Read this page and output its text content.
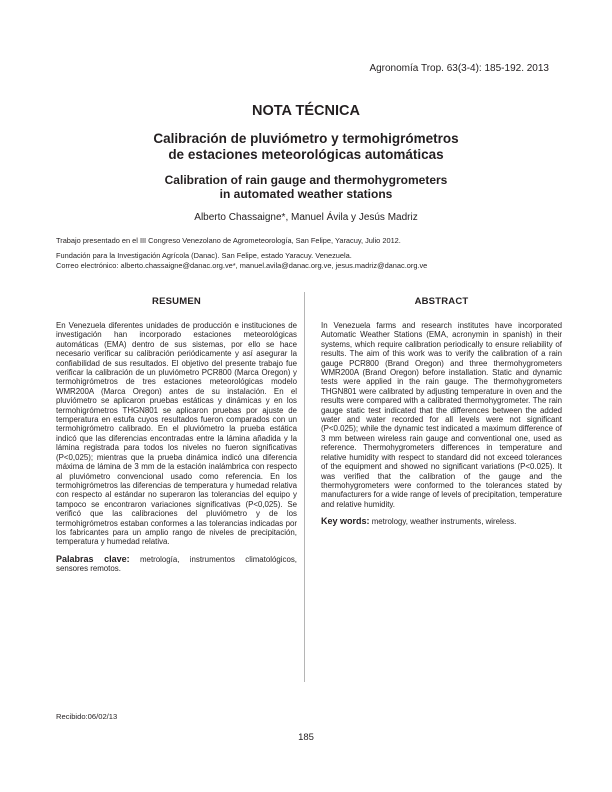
Agronomía Trop. 63(3-4): 185-192. 2013
NOTA TÉCNICA
Calibración de pluviómetro y termohigrómetros
de estaciones meteorológicas automáticas
Calibration of rain gauge and thermohygrometers
in automated weather stations
Alberto Chassaigne*, Manuel Ávila y Jesús Madriz
Trabajo presentado en el III Congreso Venezolano de Agrometeorología, San Felipe, Yaracuy, Julio 2012.
Fundación para la Investigación Agrícola (Danac). San Felipe, estado Yaracuy. Venezuela.
Correo electrónico: alberto.chassaigne@danac.org.ve*, manuel.avila@danac.org.ve, jesus.madriz@danac.org.ve
RESUMEN

En Venezuela diferentes unidades de producción e instituciones de investigación han incorporado estaciones meteorológicas automáticas (EMA) dentro de sus sistemas, por ello se hace necesario verificar su calibración periódicamente y así asegurar la confiabilidad de sus resultados. El objetivo del presente trabajo fue verificar la calibración de un pluviómetro PCR800 (Marca Oregon) y termohigrómetros de tres estaciones meteorológicas modelo WMR200A (Marca Oregon) antes de su instalación. En el pluviómetro se aplicaron pruebas estáticas y dinámicas y en los termohigrómetros THGN801 se aplicaron pruebas por ajuste de temperatura en estufa cuyos resultados fueron comparados con un termohigrómetro calibrado. En el pluviómetro la prueba estática indicó que las diferencias encontradas entre la lámina añadida y la lámina registrada para todos los niveles no fueron significativas (P<0,025); mientras que la prueba dinámica indicó una diferencia máxima de lámina de 3 mm de la estación inalámbrica con respecto al pluviómetro convencional usado como referencia. En los termohigrómetros las diferencias de temperatura y humedad relativa con respecto al estándar no superaron las tolerancias del equipo y tampoco se encontraron variaciones significativas (P<0,025). Se verificó que las calibraciones del pluviómetro y de los termohigrómetros estaban conformes a las tolerancias indicadas por los fabricantes para un amplio rango de niveles de precipitación, temperatura y humedad relativa.

Palabras clave: metrología, instrumentos climatológicos, sensores remotos.

ABSTRACT

In Venezuela farms and research institutes have incorporated Automatic Weather Stations (EMA, acronymin in spanish) in their systems, which require calibration periodically to ensure reliability of results. The aim of this work was to verify the calibration of a rain gauge PCR800 (Brand Oregon) and three thermohygrometers WMR200A (Brand Oregon) before installation. Static and dynamic tests were applied in the rain gauge. The thermohygrometers THGN801 were calibrated by adjusting temperature in oven and the results were compared with a calibrated thermohygrometer. The rain gauge static test indicated that the differences between the added water and water recorded for all levels were not significant (P<0.025); while the dynamic test indicated a maximum difference of 3 mm between wireless rain gauge and conventional one, used as reference. Thermohygrometers differences in temperature and relative humidity with respect to standard did not exceed tolerances of the equipment and showed no significant variations (P<0.025). It was verified that the calibration of the gauge and the thermohygrometers were conformed to the tolerances stated by manufacturers for a wide range of levels of precipitation, temperature and relative humidity.

Key words: metrology, weather instruments, wireless.

Recibido:06/02/13
185
